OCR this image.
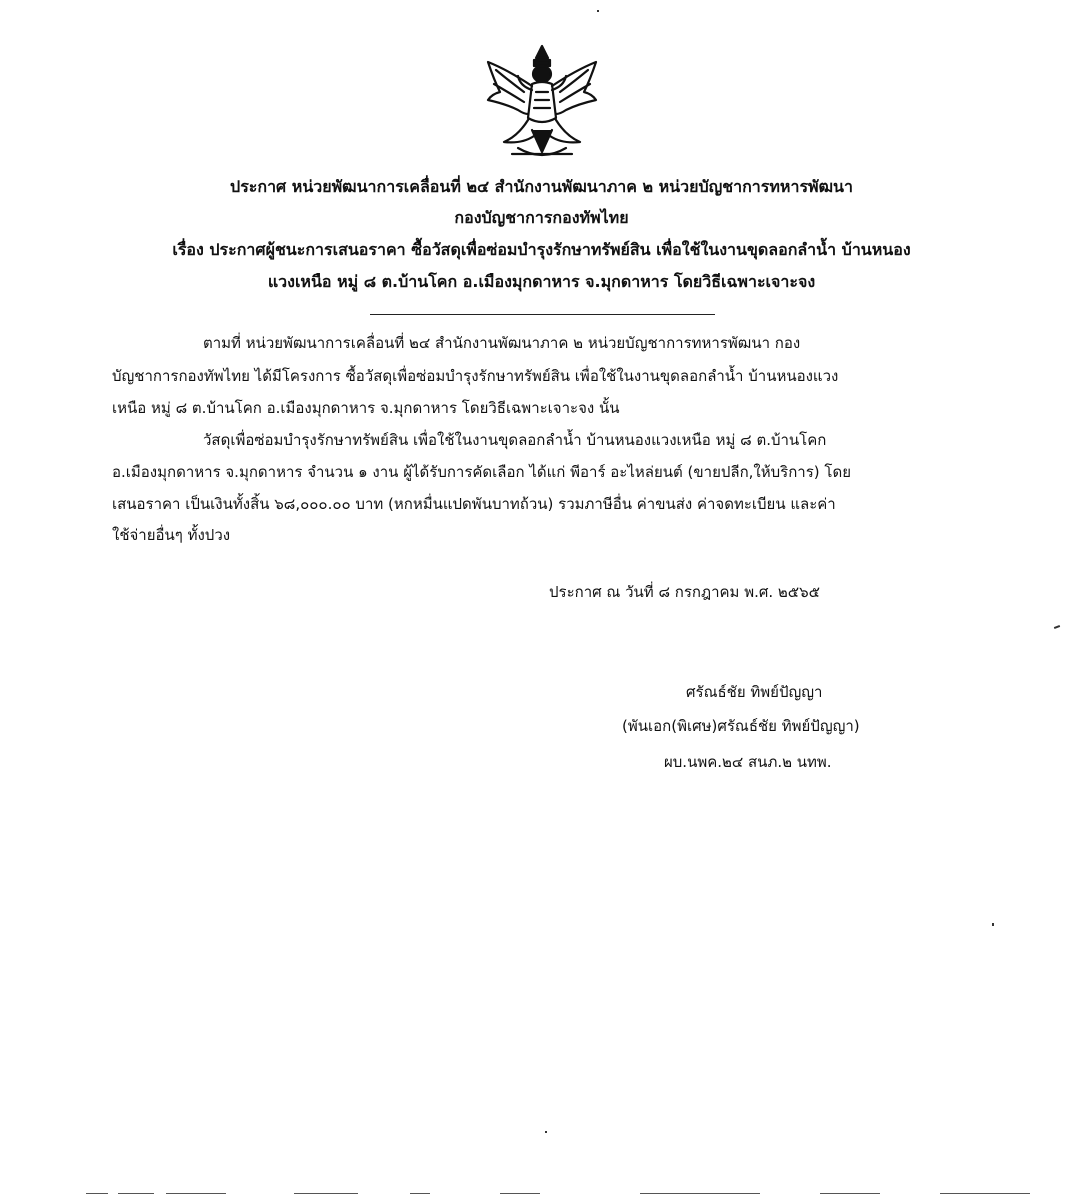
ประกาศ หน่วยพัฒนาการเคลื่อนที่ ๒๔ สำนักงานพัฒนาภาค ๒ หน่วยบัญชาการทหารพัฒนา
กองบัญชาการกองทัพไทย
เรื่อง ประกาศผู้ชนะการเสนอราคา ซื้อวัสดุเพื่อซ่อมบำรุงรักษาทรัพย์สิน เพื่อใช้ในงานขุดลอกลำน้ำ บ้านหนอง
แวงเหนือ หมู่ ๘ ต.บ้านโคก อ.เมืองมุกดาหาร จ.มุกดาหาร โดยวิธีเฉพาะเจาะจง
ตามที่ หน่วยพัฒนาการเคลื่อนที่ ๒๔ สำนักงานพัฒนาภาค ๒ หน่วยบัญชาการทหารพัฒนา กอง
บัญชาการกองทัพไทย ได้มีโครงการ ซื้อวัสดุเพื่อซ่อมบำรุงรักษาทรัพย์สิน เพื่อใช้ในงานขุดลอกลำน้ำ บ้านหนองแวง
เหนือ หมู่ ๘ ต.บ้านโคก อ.เมืองมุกดาหาร จ.มุกดาหาร โดยวิธีเฉพาะเจาะจง นั้น
วัสดุเพื่อซ่อมบำรุงรักษาทรัพย์สิน เพื่อใช้ในงานขุดลอกลำน้ำ บ้านหนองแวงเหนือ หมู่ ๘ ต.บ้านโคก
อ.เมืองมุกดาหาร จ.มุกดาหาร จำนวน ๑ งาน ผู้ได้รับการคัดเลือก ได้แก่ พีอาร์ อะไหล่ยนต์ (ขายปลีก,ให้บริการ) โดย
เสนอราคา เป็นเงินทั้งสิ้น ๖๘,๐๐๐.๐๐ บาท (หกหมื่นแปดพันบาทถ้วน) รวมภาษีอื่น ค่าขนส่ง ค่าจดทะเบียน และค่า
ใช้จ่ายอื่นๆ ทั้งปวง
ประกาศ ณ วันที่ ๘ กรกฎาคม พ.ศ. ๒๕๖๕
ศรัณธ์ชัย ทิพย์ปัญญา
(พันเอก(พิเศษ)ศรัณธ์ชัย ทิพย์ปัญญา)
ผบ.นพค.๒๔ สนภ.๒ นทพ.
